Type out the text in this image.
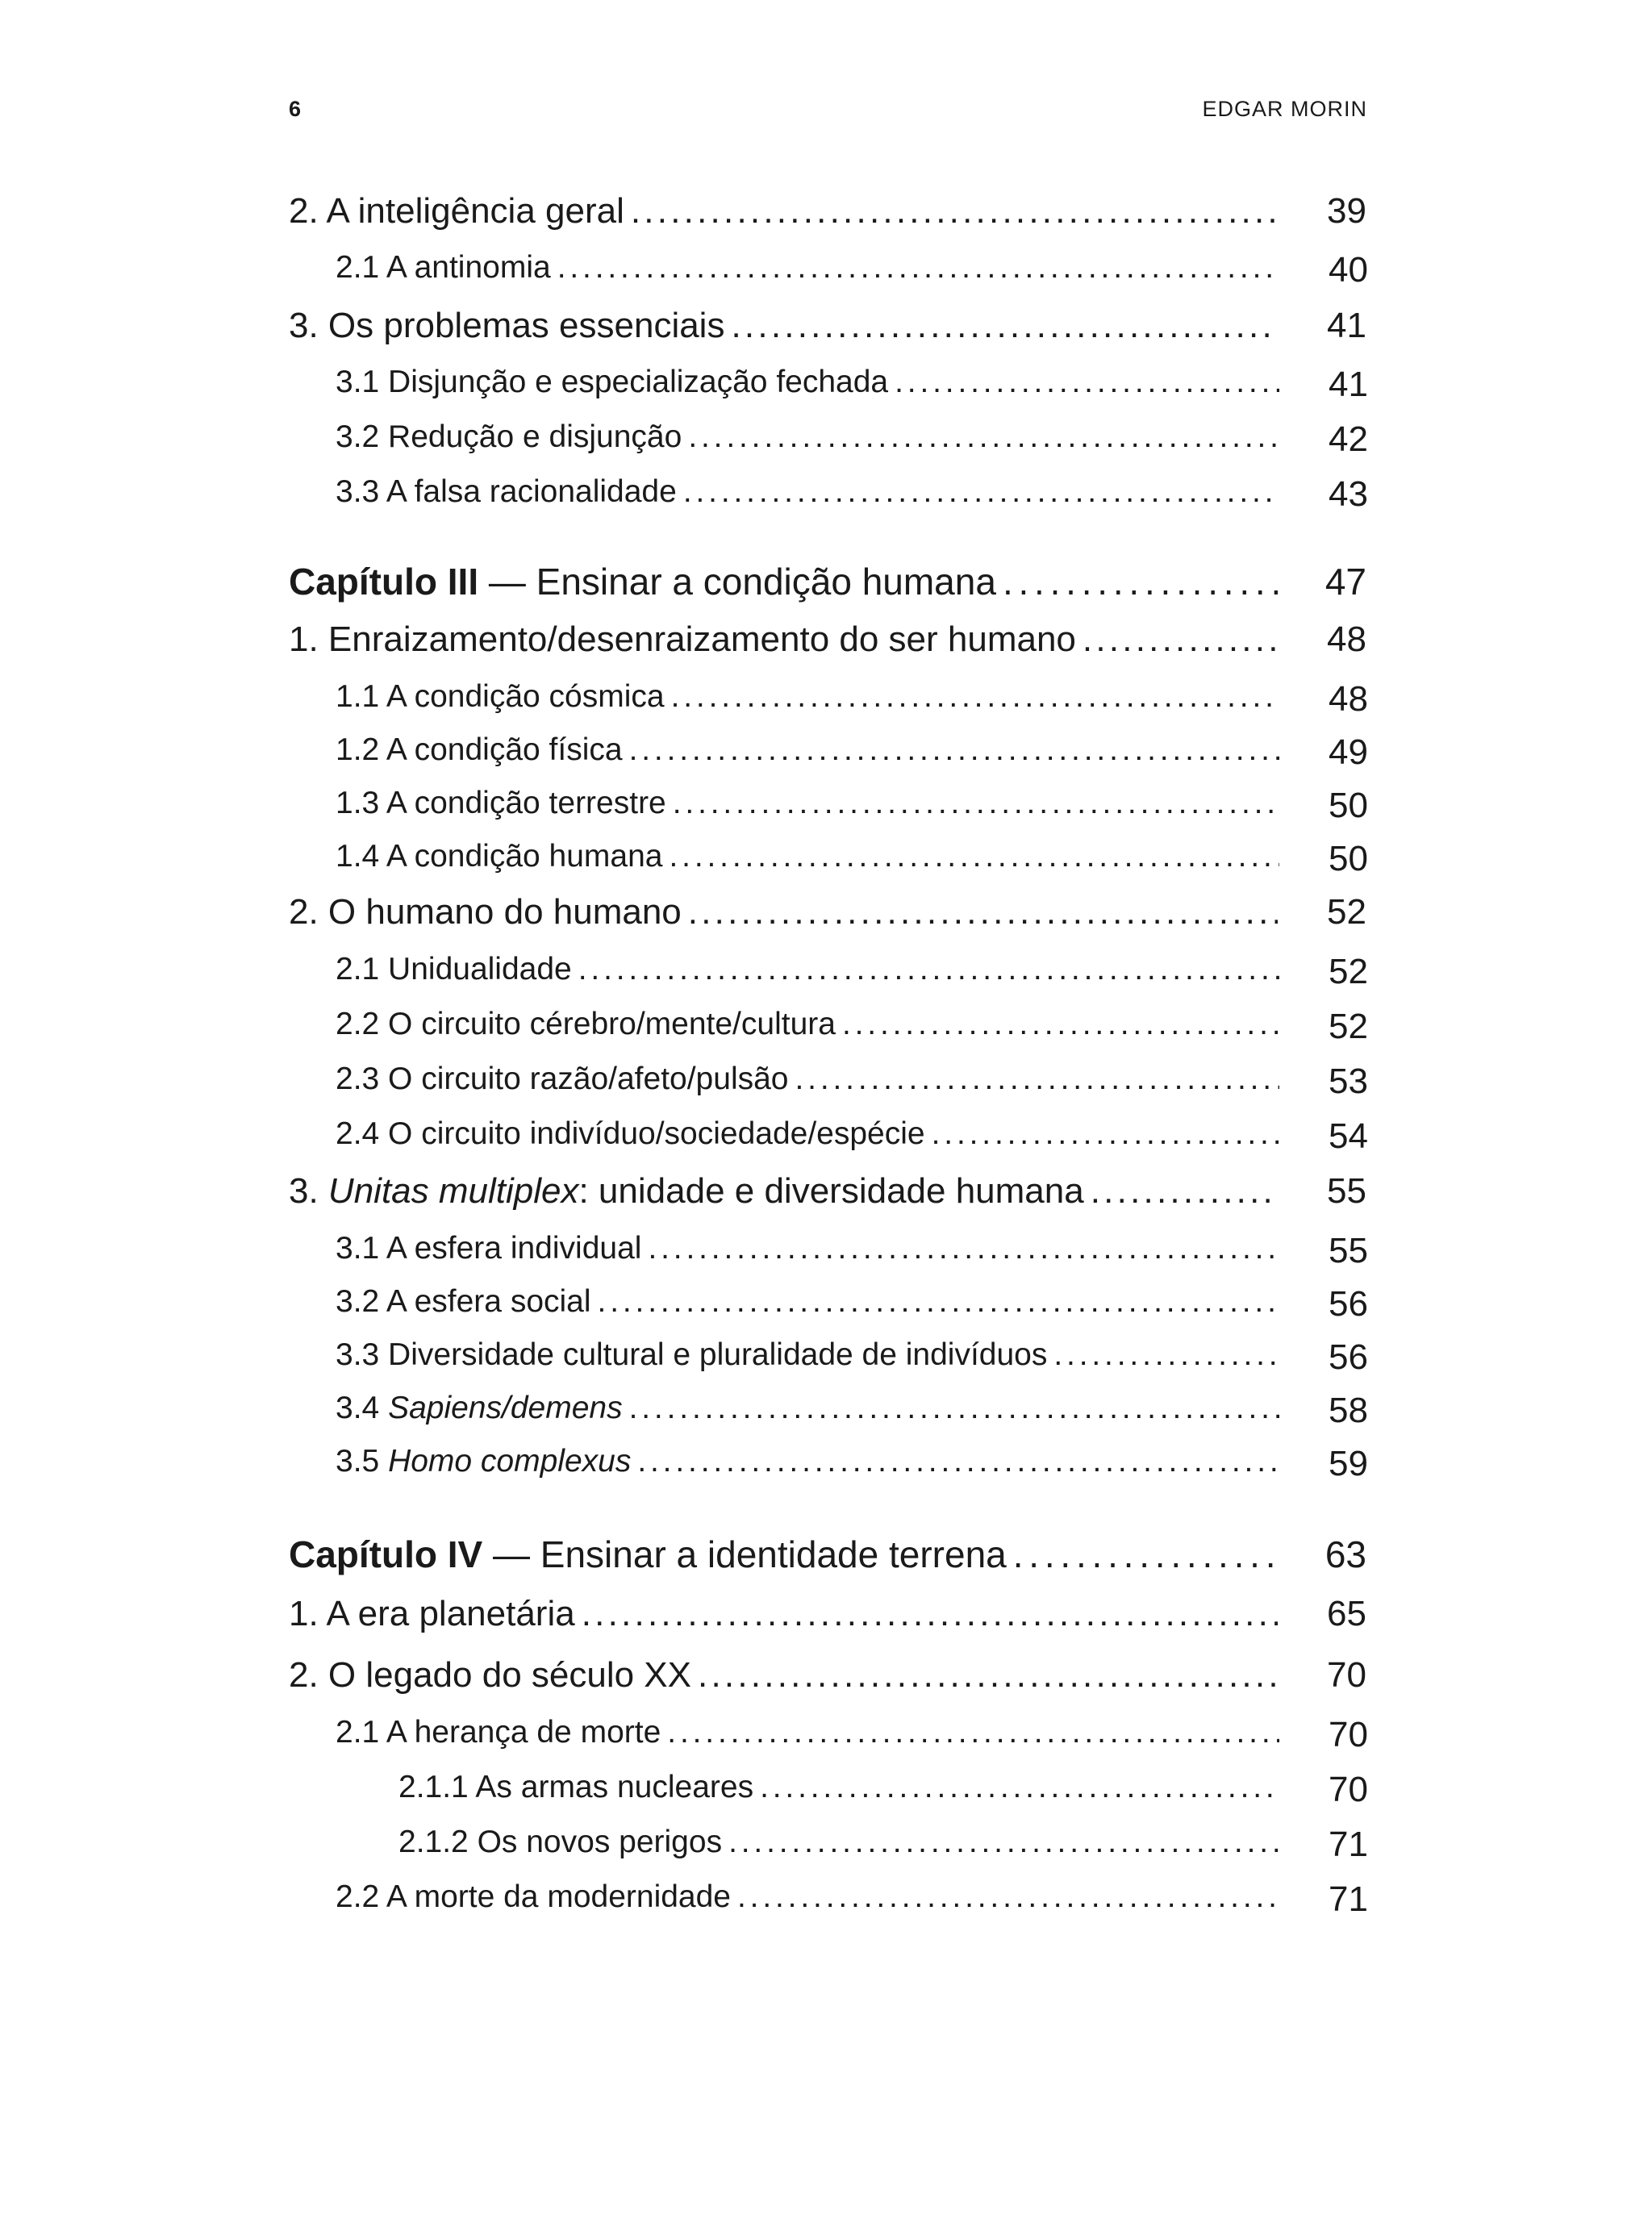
6	EDGAR MORIN
2. A inteligência geral . . .	39
2.1 A antinomia . . .	40
3. Os problemas essenciais . . .	41
3.1 Disjunção e especialização fechada . . .	41
3.2 Redução e disjunção . . .	42
3.3 A falsa racionalidade . . .	43
Capítulo III — Ensinar a condição humana . . .	47
1. Enraizamento/desenraizamento do ser humano . . .	48
1.1 A condição cósmica . . .	48
1.2 A condição física . . .	49
1.3 A condição terrestre . . .	50
1.4 A condição humana . . .	50
2. O humano do humano . . .	52
2.1 Unidualidade . . .	52
2.2 O circuito cérebro/mente/cultura . . .	52
2.3 O circuito razão/afeto/pulsão . . .	53
2.4 O circuito indivíduo/sociedade/espécie . . .	54
3. Unitas multiplex: unidade e diversidade humana . . .	55
3.1 A esfera individual . . .	55
3.2 A esfera social . . .	56
3.3 Diversidade cultural e pluralidade de indivíduos . . .	56
3.4 Sapiens/demens . . .	58
3.5 Homo complexus . . .	59
Capítulo IV — Ensinar a identidade terrena . . .	63
1. A era planetária . . .	65
2. O legado do século XX . . .	70
2.1 A herança de morte . . .	70
2.1.1 As armas nucleares . . .	70
2.1.2 Os novos perigos . . .	71
2.2 A morte da modernidade . . .	71
